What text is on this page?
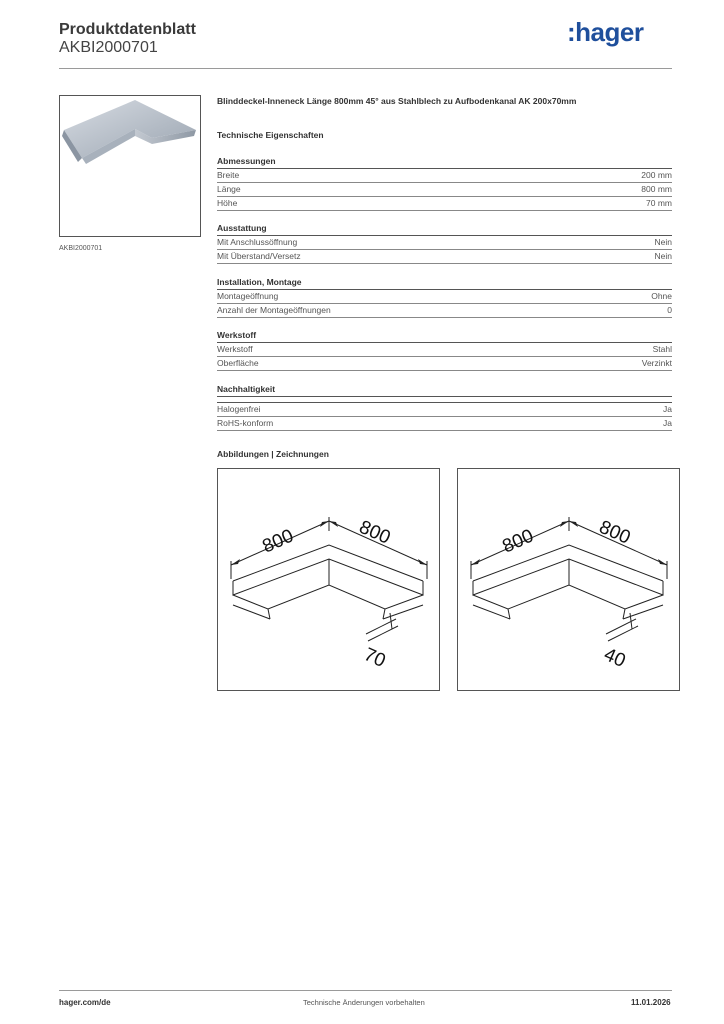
Produktdatenblatt
AKBI2000701
:hager
AKBI2000701
Blinddeckel-Inneneck Länge 800mm 45° aus Stahlblech zu Aufbodenkanal AK 200x70mm
Technische Eigenschaften
Abmessungen
Breite	200 mm
Länge	800 mm
Höhe	70 mm
Ausstattung
Mit Anschlussöffnung	Nein
Mit Überstand/Versetz	Nein
Installation, Montage
Montageöffnung	Ohne
Anzahl der Montageöffnungen	0
Werkstoff
Werkstoff	Stahl
Oberfläche	Verzinkt
Nachhaltigkeit
Halogenfrei	Ja
RoHS-konform	Ja
Abbildungen | Zeichnungen
800	800
70
800	800
40
hager.com/de	Technische Änderungen vorbehalten	11.01.2026
